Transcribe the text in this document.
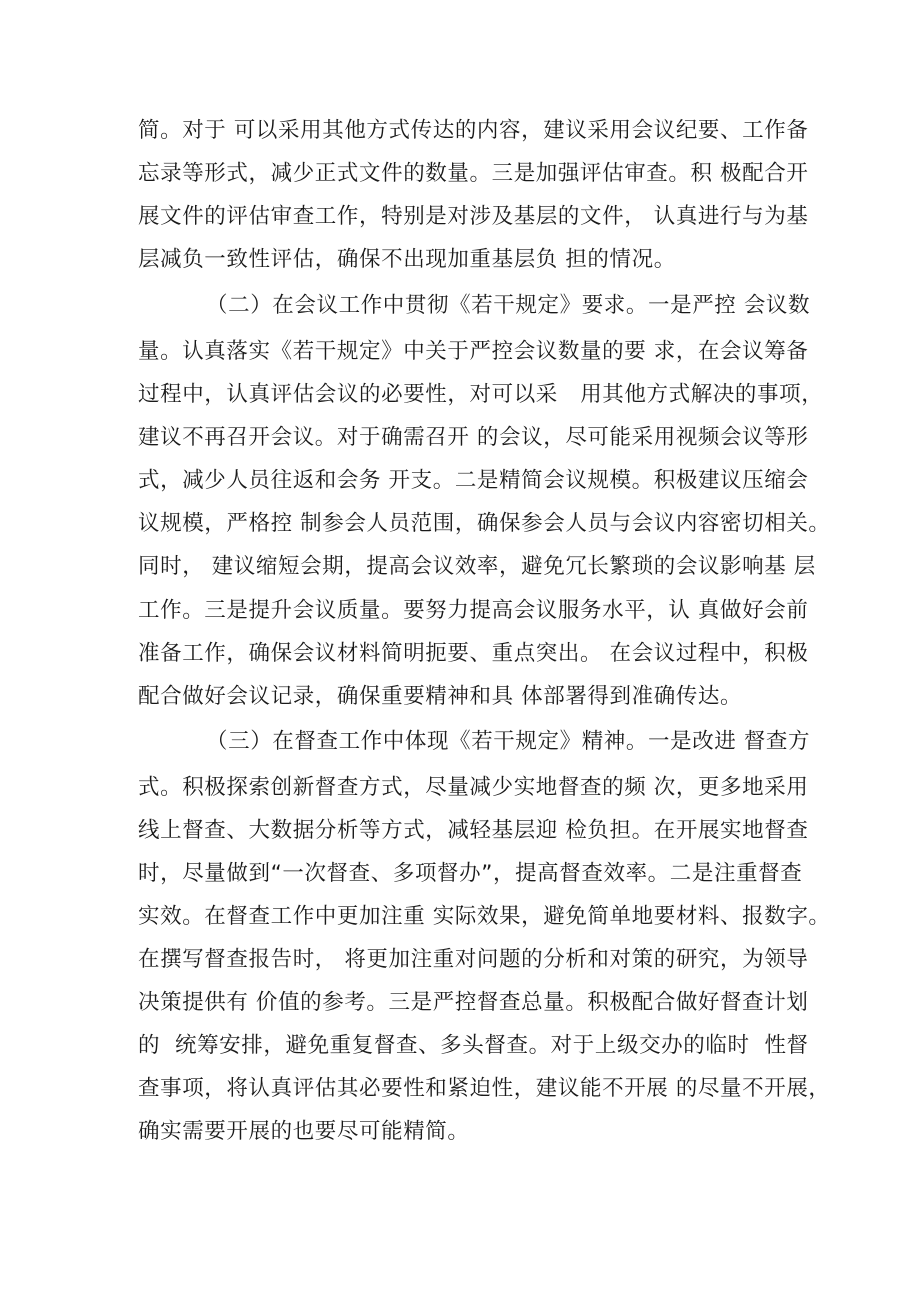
简。对于 可以采用其他方式传达的内容，建议采用会议纪要、工作备
忘录等形式，减少正式文件的数量。三是加强评估审查。积 极配合开
展文件的评估审查工作，特别是对涉及基层的文件， 认真进行与为基
层减负一致性评估，确保不出现加重基层负 担的情况。
（二）在会议工作中贯彻《若干规定》要求。一是严控 会议数
量。认真落实《若干规定》中关于严控会议数量的要 求，在会议筹备
过程中，认真评估会议的必要性，对可以采   用其他方式解决的事项，
建议不再召开会议。对于确需召开 的会议，尽可能采用视频会议等形
式，减少人员往返和会务 开支。二是精简会议规模。积极建议压缩会
议规模，严格控 制参会人员范围，确保参会人员与会议内容密切相关。
同时， 建议缩短会期，提高会议效率，避免冗长繁琐的会议影响基 层
工作。三是提升会议质量。要努力提高会议服务水平，认 真做好会前
准备工作，确保会议材料简明扼要、重点突出。 在会议过程中，积极
配合做好会议记录，确保重要精神和具 体部署得到准确传达。
（三）在督查工作中体现《若干规定》精神。一是改进 督查方
式。积极探索创新督查方式，尽量减少实地督查的频 次，更多地采用
线上督查、大数据分析等方式，减轻基层迎 检负担。在开展实地督查
时，尽量做到“一次督查、多项督办”，提高督查效率。二是注重督查
实效。在督查工作中更加注重 实际效果，避免简单地要材料、报数字。
在撰写督查报告时， 将更加注重对问题的分析和对策的研究，为领导
决策提供有 价值的参考。三是严控督查总量。积极配合做好督查计划
的  统筹安排，避免重复督查、多头督查。对于上级交办的临时  性督
查事项，将认真评估其必要性和紧迫性，建议能不开展 的尽量不开展，
确实需要开展的也要尽可能精简。
